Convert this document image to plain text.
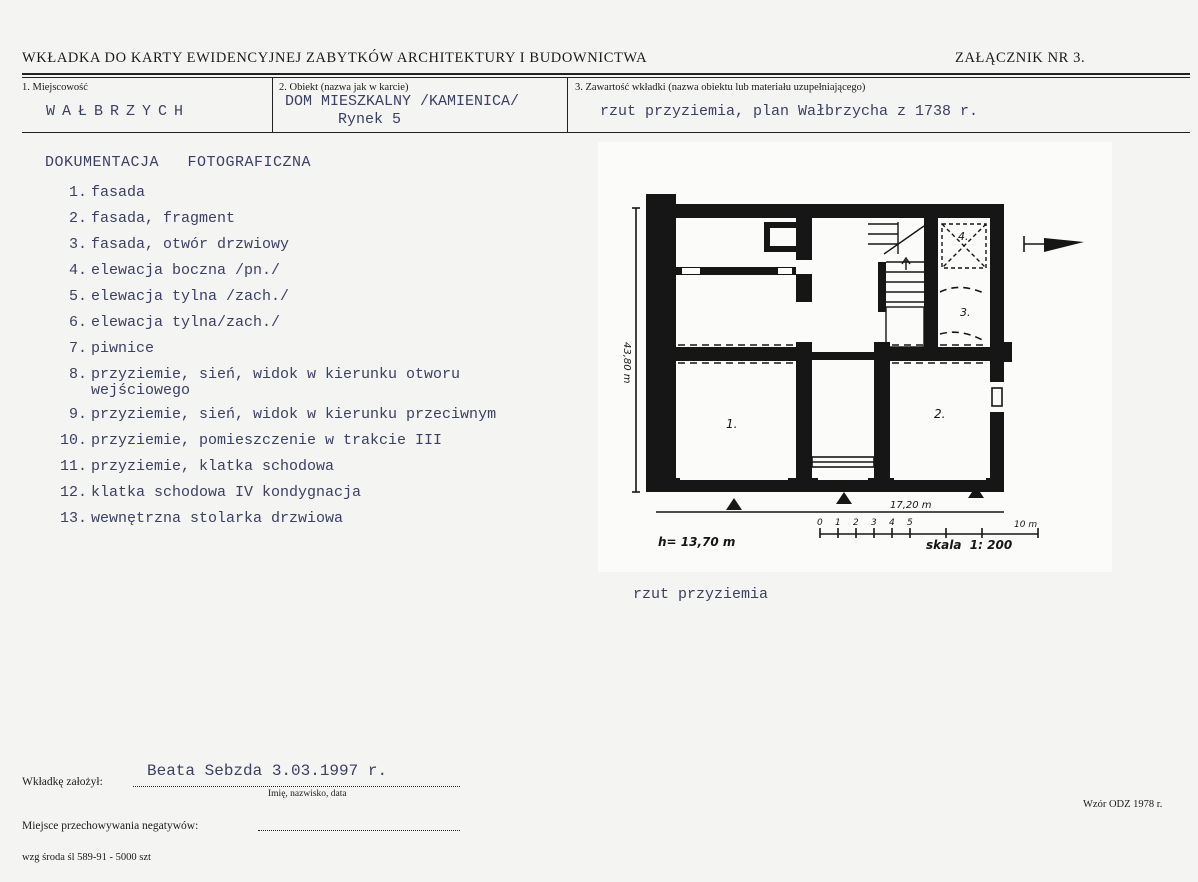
WKŁADKA DO KARTY EWIDENCYJNEJ ZABYTKÓW ARCHITEKTURY I BUDOWNICTWA	ZAŁĄCZNIK NR 3.
1. Miejscowość
WAŁBRZYCH
2. Obiekt (nazwa jak w karcie)
DOM MIESZKALNY /KAMIENICA/
Rynek 5
3. Zawartość wkładki (nazwa obiektu lub materiału uzupełniającego)
rzut przyziemia, plan Wałbrzycha z 1738 r.
DOKUMENTACJA   FOTOGRAFICZNA
1. fasada
2. fasada, fragment
3. fasada, otwór drzwiowy
4. elewacja boczna /pn./
5. elewacja tylna /zach./
6. elewacja tylna/zach./
7. piwnice
8. przyziemie, sień, widok w kierunku otworu wejściowego
9. przyziemie, sień, widok w kierunku przeciwnym
10. przyziemie, pomieszczenie w trakcie III
11. przyziemie, klatka schodowa
12. klatka schodowa IV kondygnacja
13. wewnętrzna stolarka drzwiowa
1.
2.
3.
4.
43,80 m
17,20 m
h= 13,70 m
0 1 2 3 4 5	10 m
skala  1: 200
rzut przyziemia
Wkładkę założył:
Beata Sebzda 3.03.1997 r.
Imię, nazwisko, data
Miejsce przechowywania negatywów:
wzg środa śl 589-91 - 5000 szt
Wzór ODZ 1978 r.
